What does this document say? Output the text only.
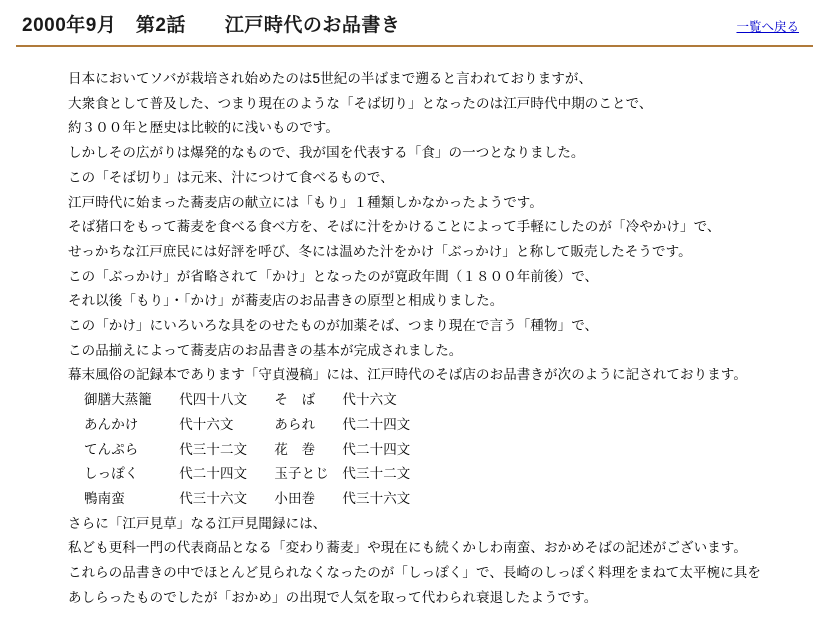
2000年9月　第2話　　江戸時代のお品書き	一覧へ戻る
日本においてソバが栽培され始めたのは5世紀の半ばまで遡ると言われておりますが、
大衆食として普及した、つまり現在のような「そば切り」となったのは江戸時代中期のことで、
約３００年と歴史は比較的に浅いものです。
しかしその広がりは爆発的なもので、我が国を代表する「食」の一つとなりました。
この「そば切り」は元来、汁につけて食べるもので、
江戸時代に始まった蕎麦店の献立には「もり」１種類しかなかったようです。
そば猪口をもって蕎麦を食べる食べ方を、そばに汁をかけることによって手軽にしたのが「冷やかけ」で、
せっかちな江戸庶民には好評を呼び、冬には温めた汁をかけ「ぶっかけ」と称して販売したそうです。
この「ぶっかけ」が省略されて「かけ」となったのが寛政年間（１８００年前後）で、
それ以後「もり」・「かけ」が蕎麦店のお品書きの原型と相成りました。
この「かけ」にいろいろな具をのせたものが加薬そば、つまり現在で言う「種物」で、
この品揃えによって蕎麦店のお品書きの基本が完成されました。
幕末風俗の記録本であります「守貞漫稿」には、江戸時代のそば店のお品書きが次のように記されております。
御膳大蒸籠　　代四十八文　　そ　ば　　代十六文
あんかけ　　　代十六文　　　あられ　　代二十四文
てんぷら　　　代三十二文　　花　巻　　代二十四文
しっぽく　　　代二十四文　　玉子とじ　代三十二文
鴨南蛮　　　　代三十六文　　小田巻　　代三十六文
さらに「江戸見草」なる江戸見聞録には、
私ども更科一門の代表商品となる「変わり蕎麦」や現在にも続くかしわ南蛮、おかめそばの記述がございます。
これらの品書きの中でほとんど見られなくなったのが「しっぽく」で、長崎のしっぽく料理をまねて太平椀に具を
あしらったものでしたが「おかめ」の出現で人気を取って代わられ衰退したようです。
